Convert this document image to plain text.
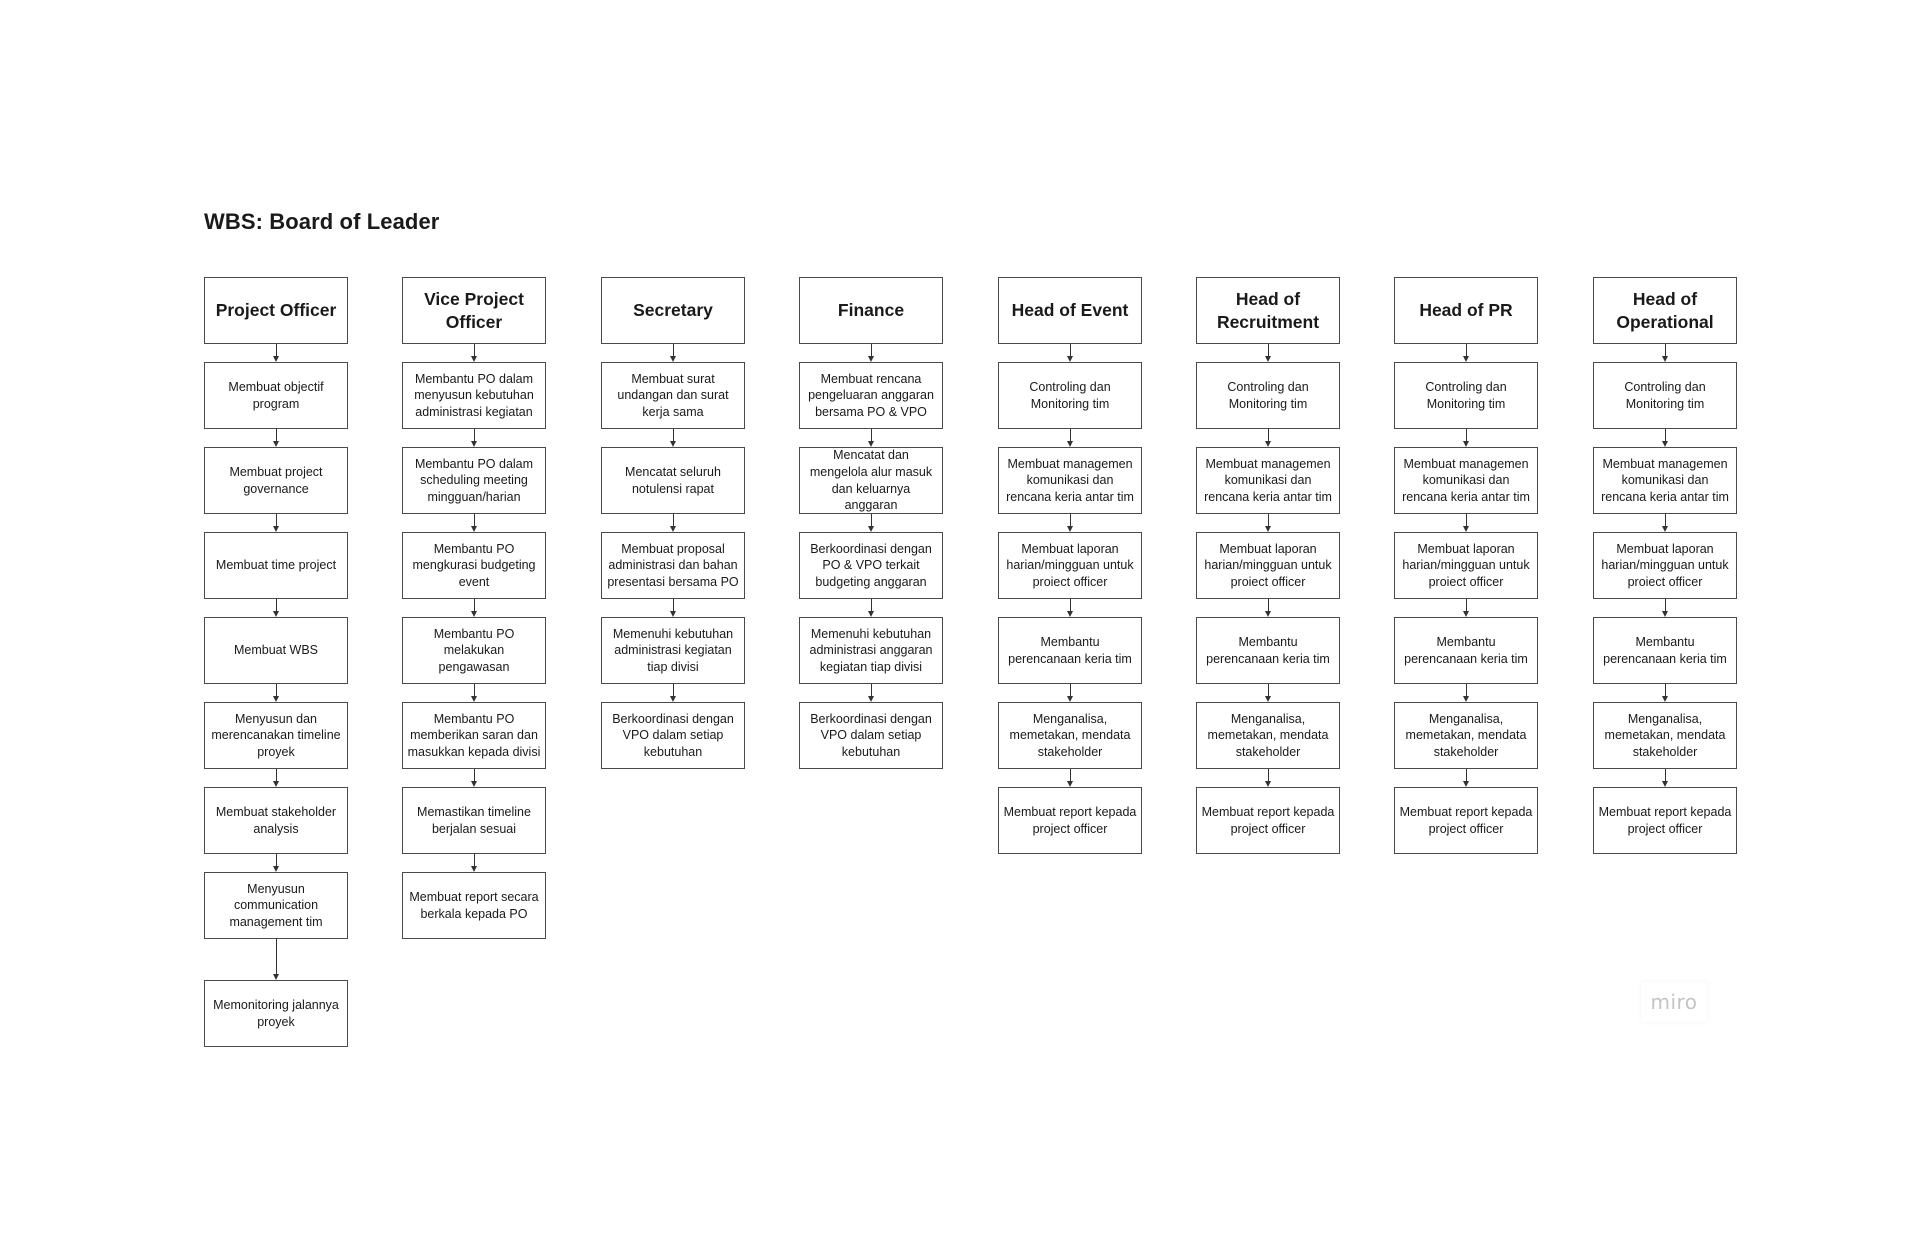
Project Officer
Membuat objectif program
Membuat project governance
Membuat time project
Membuat WBS
Menyusun dan merencanakan timeline proyek
Membuat stakeholder analysis
Menyusun communication management tim
Memonitoring jalannya proyek
Vice Project Officer
Membantu PO dalam menyusun kebutuhan administrasi kegiatan
Membantu PO dalam scheduling meeting mingguan/harian
Membantu PO mengkurasi budgeting event
Membantu PO melakukan pengawasan
Membantu PO memberikan saran dan masukkan kepada divisi
Memastikan timeline berjalan sesuai
Membuat report secara berkala kepada PO
Secretary
Membuat surat undangan dan surat kerja sama
Mencatat seluruh notulensi rapat
Membuat proposal administrasi dan bahan presentasi bersama PO
Memenuhi kebutuhan administrasi kegiatan tiap divisi
Berkoordinasi dengan VPO dalam setiap kebutuhan
Finance
Membuat rencana pengeluaran anggaran bersama PO & VPO
Mencatat dan mengelola alur masuk dan keluarnya anggaran
Berkoordinasi dengan PO & VPO terkait budgeting anggaran
Memenuhi kebutuhan administrasi anggaran kegiatan tiap divisi
Berkoordinasi dengan VPO dalam setiap kebutuhan
Head of Event
Controling dan Monitoring tim
Membuat managemen komunikasi dan rencana keria antar tim
Membuat laporan harian/mingguan untuk proiect officer
Membantu perencanaan keria tim
Menganalisa, memetakan, mendata stakeholder
Membuat report kepada project officer
Head of Recruitment
Controling dan Monitoring tim
Membuat managemen komunikasi dan rencana keria antar tim
Membuat laporan harian/mingguan untuk proiect officer
Membantu perencanaan keria tim
Menganalisa, memetakan, mendata stakeholder
Membuat report kepada project officer
Head of PR
Controling dan Monitoring tim
Membuat managemen komunikasi dan rencana keria antar tim
Membuat laporan harian/mingguan untuk proiect officer
Membantu perencanaan keria tim
Menganalisa, memetakan, mendata stakeholder
Membuat report kepada project officer
Head of Operational
Controling dan Monitoring tim
Membuat managemen komunikasi dan rencana keria antar tim
Membuat laporan harian/mingguan untuk proiect officer
Membantu perencanaan keria tim
Menganalisa, memetakan, mendata stakeholder
Membuat report kepada project officer
WBS: Board of Leader
miro
